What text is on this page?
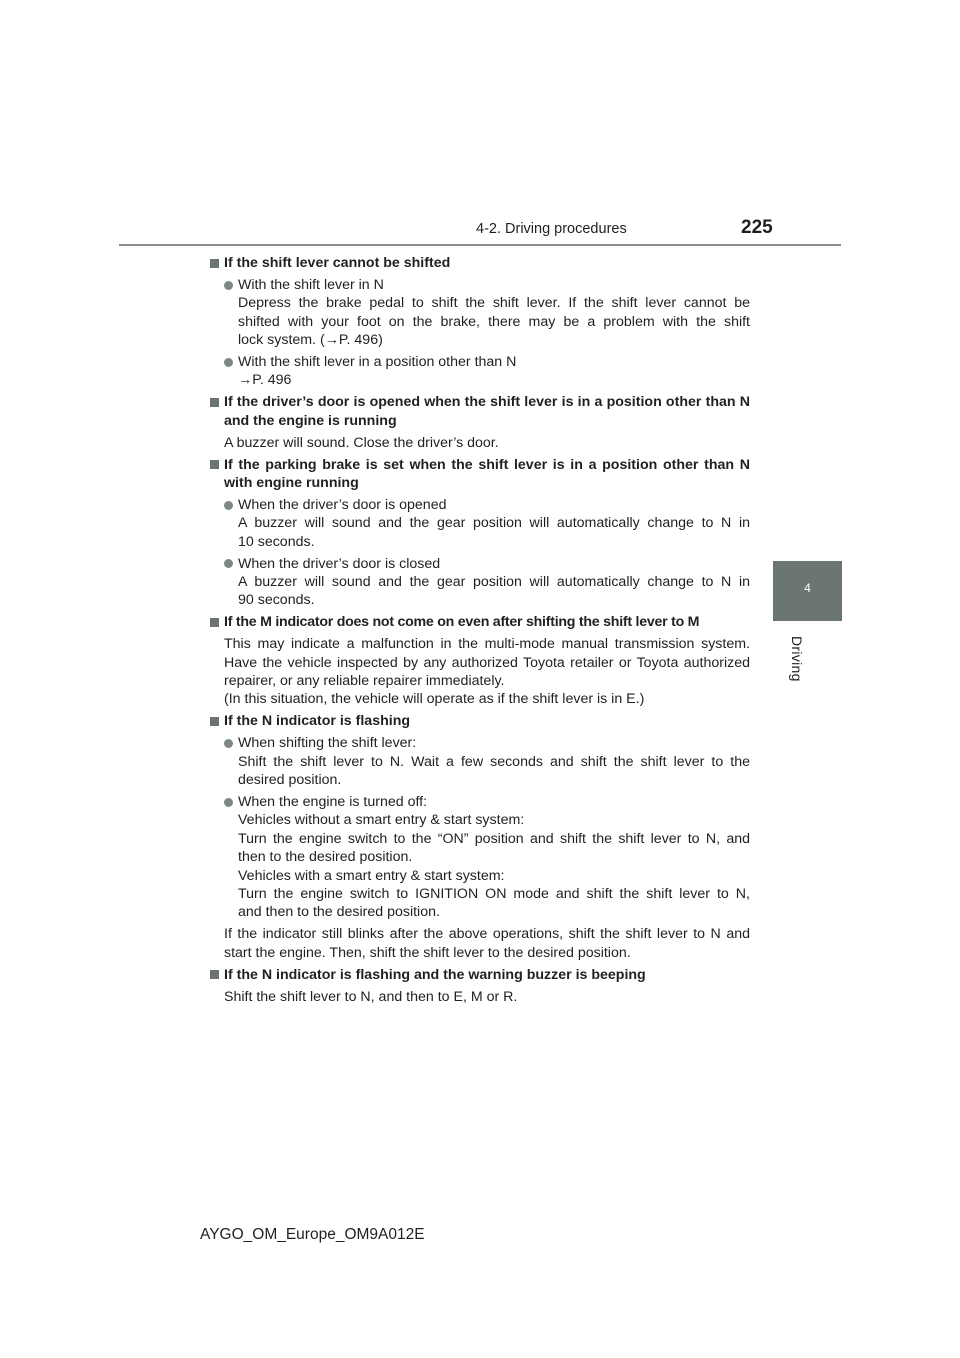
4-2. Driving procedures	225
4
Driving
If the shift lever cannot be shifted
With the shift lever in N
Depress the brake pedal to shift the shift lever. If the shift lever cannot be
shifted with your foot on the brake, there may be a problem with the shift
lock system. (→P. 496)
With the shift lever in a position other than N
→P. 496
If the driver’s door is opened when the shift lever is in a position other than N and the engine is running
A buzzer will sound. Close the driver’s door.
If the parking brake is set when the shift lever is in a position other than N with engine running
When the driver’s door is opened
A buzzer will sound and the gear position will automatically change to N in
10 seconds.
When the driver’s door is closed
A buzzer will sound and the gear position will automatically change to N in
90 seconds.
If the M indicator does not come on even after shifting the shift lever to M
This may indicate a malfunction in the multi-mode manual transmission system. Have the vehicle inspected by any authorized Toyota retailer or Toyota authorized repairer, or any reliable repairer immediately.
(In this situation, the vehicle will operate as if the shift lever is in E.)
If the N indicator is flashing
When shifting the shift lever:
Shift the shift lever to N. Wait a few seconds and shift the shift lever to the
desired position.
When the engine is turned off:
Vehicles without a smart entry & start system:
Turn the engine switch to the “ON” position and shift the shift lever to N, and
then to the desired position.
Vehicles with a smart entry & start system:
Turn the engine switch to IGNITION ON mode and shift the shift lever to N,
and then to the desired position.
If the indicator still blinks after the above operations, shift the shift lever to N and start the engine. Then, shift the shift lever to the desired position.
If the N indicator is flashing and the warning buzzer is beeping
Shift the shift lever to N, and then to E, M or R.
AYGO_OM_Europe_OM9A012E
